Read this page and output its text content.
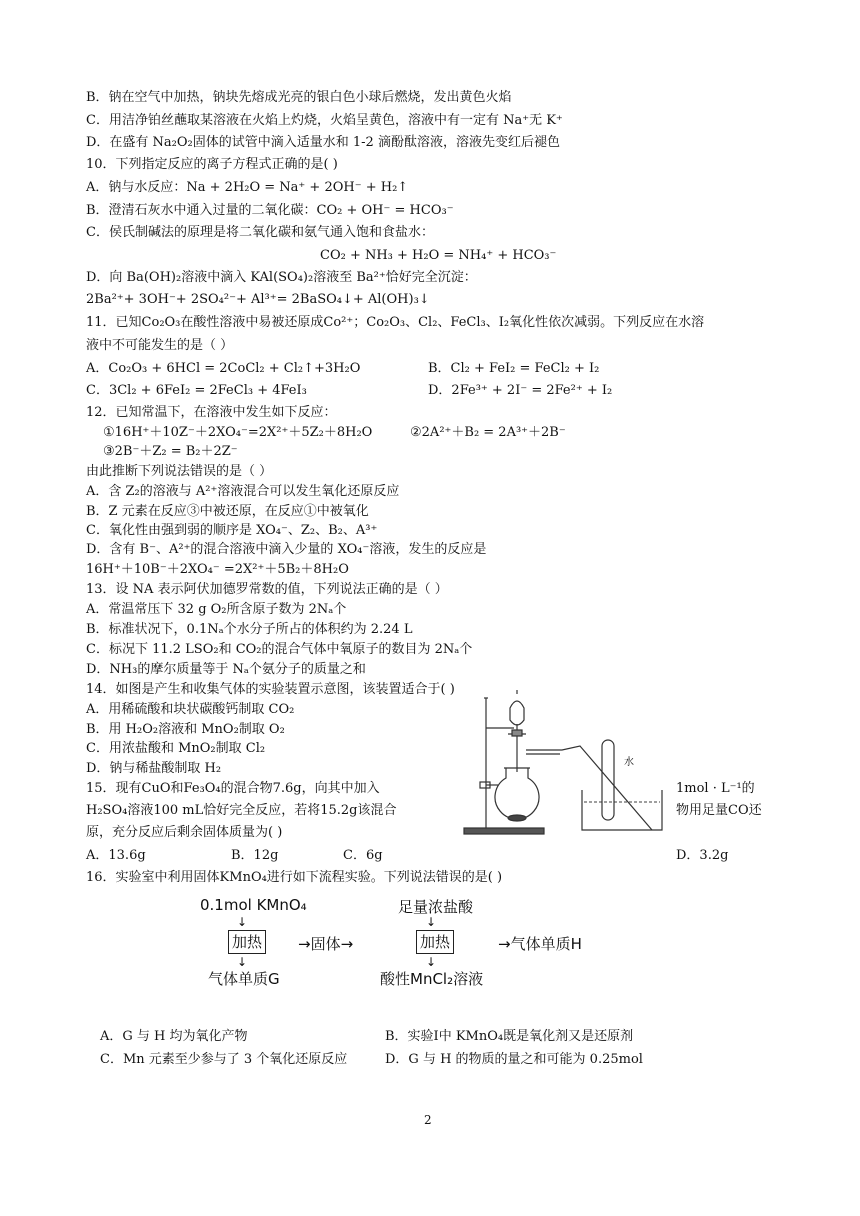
B．钠在空气中加热，钠块先熔成光亮的银白色小球后燃烧，发出黄色火焰
C．用洁净铂丝蘸取某溶液在火焰上灼烧，火焰呈黄色，溶液中有一定有 Na⁺无 K⁺
D．在盛有 Na₂O₂固体的试管中滴入适量水和 1-2 滴酚酞溶液，溶液先变红后褪色
10．下列指定反应的离子方程式正确的是( )
A．钠与水反应：Na + 2H₂O = Na⁺ + 2OH⁻ + H₂↑
B．澄清石灰水中通入过量的二氧化碳：CO₂ + OH⁻ = HCO₃⁻
C．侯氏制碱法的原理是将二氧化碳和氨气通入饱和食盐水：
CO₂ + NH₃ + H₂O = NH₄⁺ + HCO₃⁻
D．向 Ba(OH)₂溶液中滴入 KAl(SO₄)₂溶液至 Ba²⁺恰好完全沉淀：
2Ba²⁺+ 3OH⁻+ 2SO₄²⁻+ Al³⁺= 2BaSO₄↓+ Al(OH)₃↓
11．已知Co₂O₃在酸性溶液中易被还原成Co²⁺；Co₂O₃、Cl₂、FeCl₃、I₂氧化性依次减弱。下列反应在水溶
液中不可能发生的是（ ）
A．Co₂O₃ + 6HCl = 2CoCl₂ + Cl₂↑+3H₂O	B．Cl₂ + FeI₂ = FeCl₂ + I₂
C．3Cl₂ + 6FeI₂ = 2FeCl₃ + 4FeI₃	D．2Fe³⁺ + 2I⁻ = 2Fe²⁺ + I₂
12．已知常温下，在溶液中发生如下反应：
①16H⁺＋10Z⁻＋2XO₄⁻=2X²⁺＋5Z₂＋8H₂O	②2A²⁺＋B₂ = 2A³⁺＋2B⁻
③2B⁻＋Z₂ = B₂＋2Z⁻
由此推断下列说法错误的是（ ）
A．含 Z₂的溶液与 A²⁺溶液混合可以发生氧化还原反应
B．Z 元素在反应③中被还原，在反应①中被氧化
C．氧化性由强到弱的顺序是 XO₄⁻、Z₂、B₂、A³⁺
D．含有 B⁻、A²⁺的混合溶液中滴入少量的 XO₄⁻溶液，发生的反应是
16H⁺＋10B⁻＋2XO₄⁻ =2X²⁺＋5B₂＋8H₂O
13．设 NA 表示阿伏加德罗常数的值，下列说法正确的是（ ）
A．常温常压下 32 g O₂所含原子数为 2Nₐ个
B．标准状况下，0.1Nₐ个水分子所占的体积约为 2.24 L
C．标况下 11.2 LSO₂和 CO₂的混合气体中氧原子的数目为 2Nₐ个
D．NH₃的摩尔质量等于 Nₐ个氨分子的质量之和
14．如图是产生和收集气体的实验装置示意图，该装置适合于( )
A．用稀硫酸和块状碳酸钙制取 CO₂
B．用 H₂O₂溶液和 MnO₂制取 O₂
C．用浓盐酸和 MnO₂制取 Cl₂
D．钠与稀盐酸制取 H₂
15．现有CuO和Fe₃O₄的混合物7.6g，向其中加入	1mol · L⁻¹的
H₂SO₄溶液100 mL恰好完全反应，若将15.2g该混合	物用足量CO还
原，充分反应后剩余固体质量为( )
A．13.6g	B．12g	C．6g	D．3.2g
水
16．实验室中利用固体KMnO₄进行如下流程实验。下列说法错误的是( )
0.1mol KMnO₄
↓
加热 →固体→
↓
气体单质G
足量浓盐酸
↓
加热	→气体单质H
↓
酸性MnCl₂溶液
A．G 与 H 均为氧化产物	B．实验Ⅰ中 KMnO₄既是氧化剂又是还原剂
C．Mn 元素至少参与了 3 个氧化还原反应	D．G 与 H 的物质的量之和可能为 0.25mol
2
